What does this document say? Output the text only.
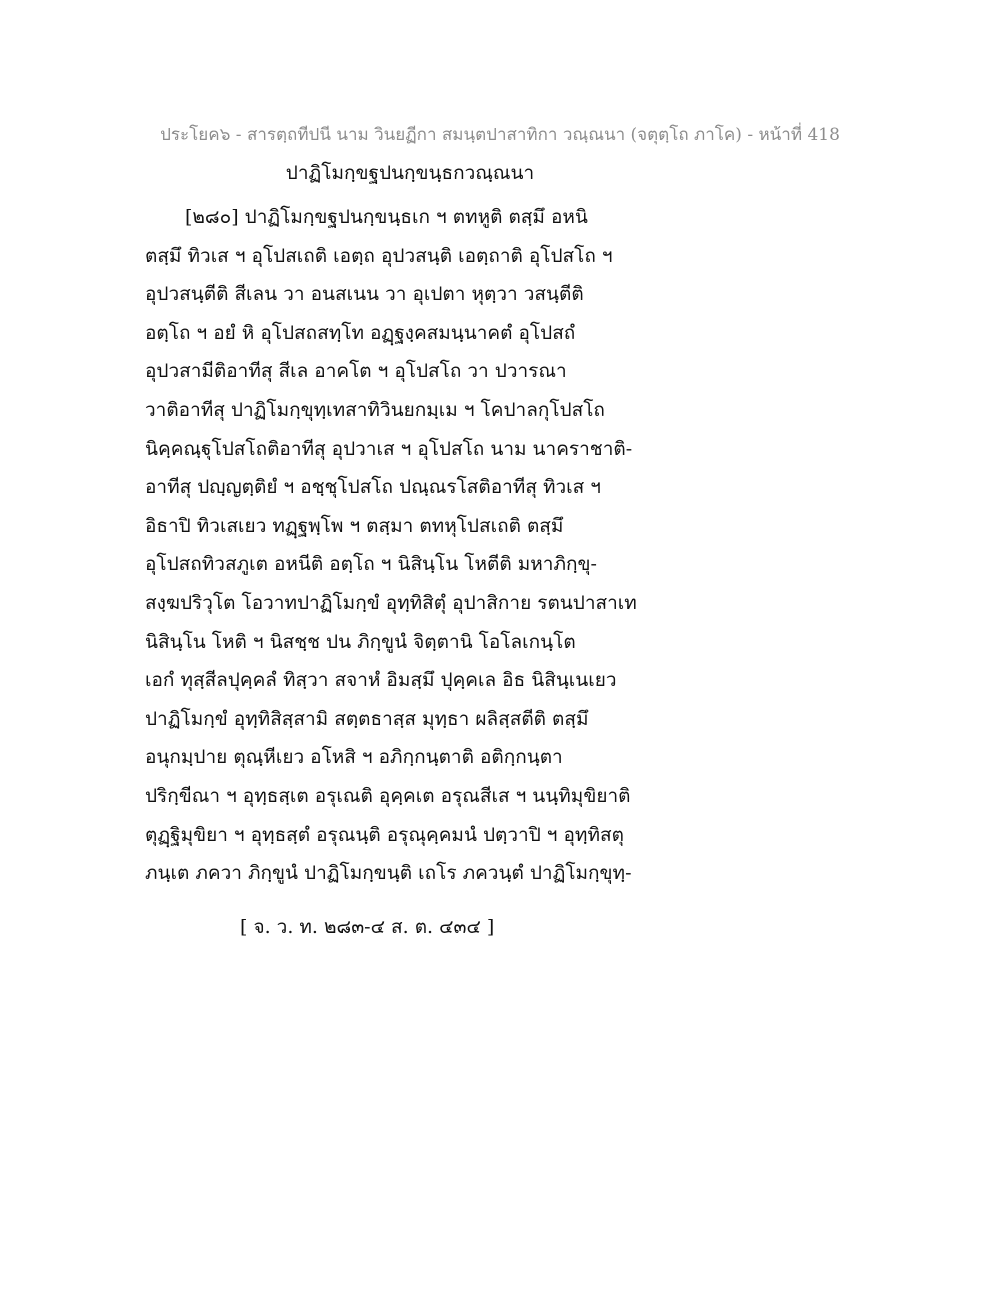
ประโยค๖ - สารตฺถทีปนี นาม วินยฏีกา สมนฺตปาสาทิกา วณฺณนา (จตุตฺโถ ภาโค) - หน้าที่ 418
ปาฏิโมกฺขฐปนกฺขนฺธกวณฺณนา
[๒๘๐] ปาฏิโมกฺขฐปนกฺขนฺธเก ฯ ตทหูติ ตสฺมึ อหนิ
ตสฺมึ ทิวเส ฯ อุโปสเถติ เอตฺถ อุปวสนฺติ เอตฺถาติ อุโปสโถ ฯ
อุปวสนฺตีติ สีเลน วา อนสเนน วา อุเปตา หุตฺวา วสนฺตีติ
อตฺโถ ฯ อยํ หิ อุโปสถสทฺโท อฏฺฐงฺคสมนฺนาคตํ อุโปสถํ
อุปวสามีติอาทีสุ สีเล อาคโต ฯ อุโปสโถ วา ปวารณา
วาติอาทีสุ ปาฏิโมกฺขุทฺเทสาทิวินยกมฺเม ฯ โคปาลกุโปสโถ
นิคฺคณฺฐุโปสโถติอาทีสุ อุปวาเส ฯ อุโปสโถ นาม นาคราชาติ-
อาทีสุ ปญฺญตฺติยํ ฯ อชฺชุโปสโถ ปณฺณรโสติอาทีสุ ทิวเส ฯ
อิธาปิ ทิวเสเยว ทฏฺฐพฺโพ ฯ ตสฺมา ตทหุโปสเถติ ตสฺมึ
อุโปสถทิวสภูเต อหนีติ อตฺโถ ฯ นิสินฺโน โหตีติ มหาภิกฺขุ-
สงฺฆปริวุโต โอวาทปาฏิโมกฺขํ อุทฺทิสิตุํ อุปาสิกาย รตนปาสาเท
นิสินฺโน โหติ ฯ นิสชฺช ปน ภิกฺขูนํ จิตฺตานิ โอโลเกนฺโต
เอกํ ทุสฺสีลปุคฺคลํ ทิสฺวา สจาหํ อิมสฺมึ ปุคฺคเล อิธ นิสินฺเนเยว
ปาฏิโมกฺขํ อุทฺทิสิสฺสามิ สตฺตธาสฺส มุทฺธา ผลิสฺสตีติ ตสฺมึ
อนุกมฺปาย ตุณฺหีเยว อโหสิ ฯ อภิกฺกนฺตาติ อติกฺกนฺตา
ปริกฺขีณา ฯ อุทฺธสฺเต อรุเณติ อุคฺคเต อรุณสีเส ฯ นนฺทิมุขิยาติ
ตุฏฺฐิมุขิยา ฯ อุทฺธสฺตํ อรุณนฺติ อรุณุคฺคมนํ ปตฺวาปิ ฯ อุทฺทิสตุ
ภนฺเต ภควา ภิกฺขูนํ ปาฏิโมกฺขนฺติ เถโร ภควนฺตํ ปาฏิโมกฺขุทฺ-
[ จ. ว. ท. ๒๘๓-๔ ส. ต. ๔๓๔ ]
